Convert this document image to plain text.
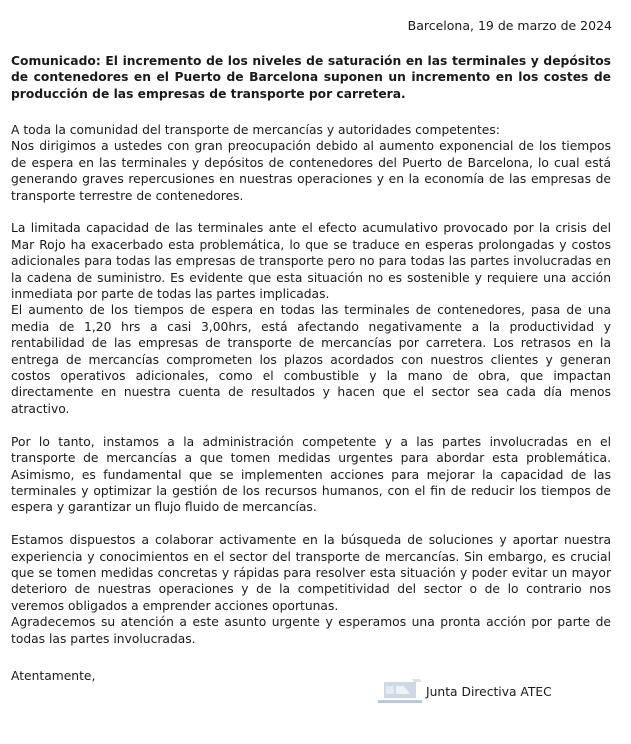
Barcelona, 19 de marzo de 2024
Comunicado: El incremento de los niveles de saturación en las terminales y depósitos de contenedores en el Puerto de Barcelona suponen un incremento en los costes de producción de las empresas de transporte por carretera.

A toda la comunidad del transporte de mercancías y autoridades competentes:

Nos dirigimos a ustedes con gran preocupación debido al aumento exponencial de los tiempos de espera en las terminales y depósitos de contenedores del Puerto de Barcelona, lo cual está generando graves repercusiones en nuestras operaciones y en la economía de las empresas de transporte terrestre de contenedores.

La limitada capacidad de las terminales ante el efecto acumulativo provocado por la crisis del Mar Rojo ha exacerbado esta problemática, lo que se traduce en esperas prolongadas y costos adicionales para todas las empresas de transporte pero no para todas las partes involucradas en la cadena de suministro. Es evidente que esta situación no es sostenible y requiere una acción inmediata por parte de todas las partes implicadas.

El aumento de los tiempos de espera en todas las terminales de contenedores, pasa de una media de 1,20 hrs a casi 3,00hrs, está afectando negativamente a la productividad y rentabilidad de las empresas de transporte de mercancías por carretera. Los retrasos en la entrega de mercancías comprometen los plazos acordados con nuestros clientes y generan costos operativos adicionales, como el combustible y la mano de obra, que impactan directamente en nuestra cuenta de resultados y hacen que el sector sea cada día menos atractivo.

Por lo tanto, instamos a la administración competente y a las partes involucradas en el transporte de mercancías a que tomen medidas urgentes para abordar esta problemática. Asimismo, es fundamental que se implementen acciones para mejorar la capacidad de las terminales y optimizar la gestión de los recursos humanos, con el fin de reducir los tiempos de espera y garantizar un flujo fluido de mercancías.

Estamos dispuestos a colaborar activamente en la búsqueda de soluciones y aportar nuestra experiencia y conocimientos en el sector del transporte de mercancías. Sin embargo, es crucial que se tomen medidas concretas y rápidas para resolver esta situación y poder evitar un mayor deterioro de nuestras operaciones y de la competitividad del sector o de lo contrario nos veremos obligados a emprender acciones oportunas.

Agradecemos su atención a este asunto urgente y esperamos una pronta acción por parte de todas las partes involucradas.

Atentamente,
Junta Directiva ATEC
